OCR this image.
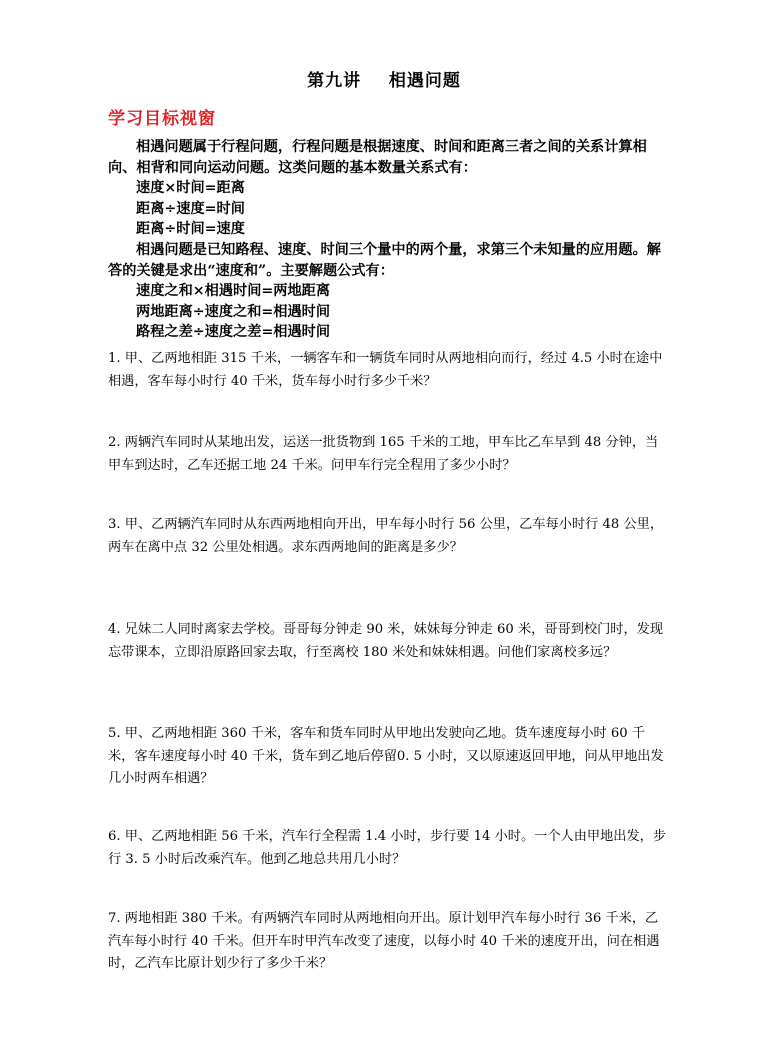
第九讲    相遇问题
学习目标视窗

相遇问题属于行程问题，行程问题是根据速度、时间和距离三者之间的关系计算相向、相背和同向运动问题。这类问题的基本数量关系式有：

速度×时间=距离

距离÷速度=时间

距离÷时间=速度

相遇问题是已知路程、速度、时间三个量中的两个量，求第三个未知量的应用题。解答的关键是求出“速度和”。主要解题公式有：

速度之和×相遇时间=两地距离

两地距离÷速度之和=相遇时间

路程之差÷速度之差=相遇时间

1. 甲、乙两地相距 315 千米，一辆客车和一辆货车同时从两地相向而行，经过 4.5 小时在途中相遇，客车每小时行 40 千米，货车每小时行多少千米？

2. 两辆汽车同时从某地出发，运送一批货物到 165 千米的工地，甲车比乙车早到 48 分钟，当甲车到达时，乙车还据工地 24 千米。问甲车行完全程用了多少小时？

3. 甲、乙两辆汽车同时从东西两地相向开出，甲车每小时行 56 公里，乙车每小时行 48 公里，两车在离中点 32 公里处相遇。求东西两地间的距离是多少？

4. 兄妹二人同时离家去学校。哥哥每分钟走 90 米，妹妹每分钟走 60 米，哥哥到校门时，发现忘带课本，立即沿原路回家去取，行至离校 180 米处和妹妹相遇。问他们家离校多远？

5. 甲、乙两地相距 360 千米，客车和货车同时从甲地出发驶向乙地。货车速度每小时 60 千米，客车速度每小时 40 千米，货车到乙地后停留0. 5 小时，又以原速返回甲地，问从甲地出发几小时两车相遇？

6. 甲、乙两地相距 56 千米，汽车行全程需 1.4 小时，步行要 14 小时。一个人由甲地出发，步行 3. 5 小时后改乘汽车。他到乙地总共用几小时？

7. 两地相距 380 千米。有两辆汽车同时从两地相向开出。原计划甲汽车每小时行 36 千米，乙汽车每小时行 40 千米。但开车时甲汽车改变了速度，以每小时 40 千米的速度开出，问在相遇时，乙汽车比原计划少行了多少千米？
